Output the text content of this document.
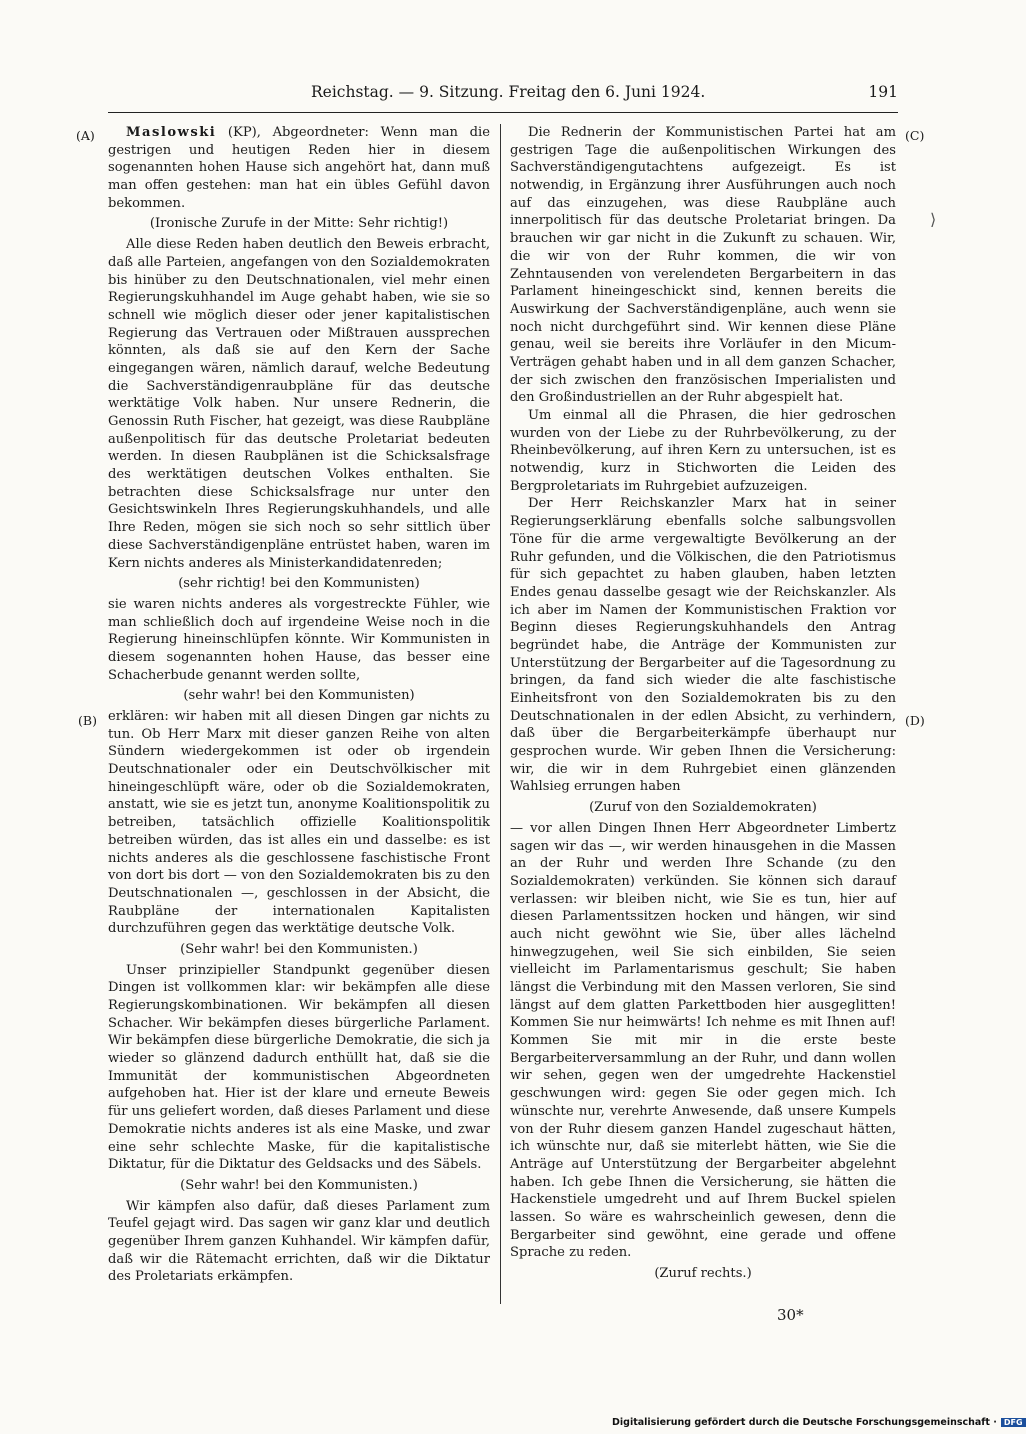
Reichstag. — 9. Sitzung. Freitag den 6. Juni 1924.	191
(A)
(B)
(C)
(D)
⟩

Maslowski (KP), Abgeordneter: Wenn man die gestrigen und heutigen Reden hier in diesem sogenannten hohen Hause sich angehört hat, dann muß man offen gestehen: man hat ein übles Gefühl davon bekommen.

(Ironische Zurufe in der Mitte: Sehr richtig!)

Alle diese Reden haben deutlich den Beweis erbracht, daß alle Parteien, angefangen von den Sozialdemokraten bis hinüber zu den Deutschnationalen, viel mehr einen Regierungskuhhandel im Auge gehabt haben, wie sie so schnell wie möglich dieser oder jener kapitalistischen Regierung das Vertrauen oder Mißtrauen aussprechen könnten, als daß sie auf den Kern der Sache eingegangen wären, nämlich darauf, welche Bedeutung die Sachverständigenraubpläne für das deutsche werktätige Volk haben. Nur unsere Rednerin, die Genossin Ruth Fischer, hat gezeigt, was diese Raubpläne außenpolitisch für das deutsche Proletariat bedeuten werden. In diesen Raubplänen ist die Schicksalsfrage des werktätigen deutschen Volkes enthalten. Sie betrachten diese Schicksalsfrage nur unter den Gesichtswinkeln Ihres Regierungskuhhandels, und alle Ihre Reden, mögen sie sich noch so sehr sittlich über diese Sachverständigenpläne entrüstet haben, waren im Kern nichts anderes als Ministerkandidatenreden;

(sehr richtig! bei den Kommunisten)

sie waren nichts anderes als vorgestreckte Fühler, wie man schließlich doch auf irgendeine Weise noch in die Regierung hineinschlüpfen könnte. Wir Kommunisten in diesem sogenannten hohen Hause, das besser eine Schacherbude genannt werden sollte,

(sehr wahr! bei den Kommunisten)

erklären: wir haben mit all diesen Dingen gar nichts zu tun. Ob Herr Marx mit dieser ganzen Reihe von alten Sündern wiedergekommen ist oder ob irgendein Deutschnationaler oder ein Deutschvölkischer mit hineingeschlüpft wäre, oder ob die Sozialdemokraten, anstatt, wie sie es jetzt tun, anonyme Koalitionspolitik zu betreiben, tatsächlich offizielle Koalitionspolitik betreiben würden, das ist alles ein und dasselbe: es ist nichts anderes als die geschlossene faschistische Front von dort bis dort — von den Sozialdemokraten bis zu den Deutschnationalen —, geschlossen in der Absicht, die Raubpläne der internationalen Kapitalisten durchzuführen gegen das werktätige deutsche Volk.

(Sehr wahr! bei den Kommunisten.)

Unser prinzipieller Standpunkt gegenüber diesen Dingen ist vollkommen klar: wir bekämpfen alle diese Regierungskombinationen. Wir bekämpfen all diesen Schacher. Wir bekämpfen dieses bürgerliche Parlament. Wir bekämpfen diese bürgerliche Demokratie, die sich ja wieder so glänzend dadurch enthüllt hat, daß sie die Immunität der kommunistischen Abgeordneten aufgehoben hat. Hier ist der klare und erneute Beweis für uns geliefert worden, daß dieses Parlament und diese Demokratie nichts anderes ist als eine Maske, und zwar eine sehr schlechte Maske, für die kapitalistische Diktatur, für die Diktatur des Geldsacks und des Säbels.

(Sehr wahr! bei den Kommunisten.)

Wir kämpfen also dafür, daß dieses Parlament zum Teufel gejagt wird. Das sagen wir ganz klar und deutlich gegenüber Ihrem ganzen Kuhhandel. Wir kämpfen dafür, daß wir die Rätemacht errichten, daß wir die Diktatur des Proletariats erkämpfen.

Die Rednerin der Kommunistischen Partei hat am gestrigen Tage die außenpolitischen Wirkungen des Sachverständigengutachtens aufgezeigt. Es ist notwendig, in Ergänzung ihrer Ausführungen auch noch auf das einzugehen, was diese Raubpläne auch innerpolitisch für das deutsche Proletariat bringen. Da brauchen wir gar nicht in die Zukunft zu schauen. Wir, die wir von der Ruhr kommen, die wir von Zehntausenden von verelendeten Bergarbeitern in das Parlament hineingeschickt sind, kennen bereits die Auswirkung der Sachverständigenpläne, auch wenn sie noch nicht durchgeführt sind. Wir kennen diese Pläne genau, weil sie bereits ihre Vorläufer in den Micum-Verträgen gehabt haben und in all dem ganzen Schacher, der sich zwischen den französischen Imperialisten und den Großindustriellen an der Ruhr abgespielt hat.

Um einmal all die Phrasen, die hier gedroschen wurden von der Liebe zu der Ruhrbevölkerung, zu der Rheinbevölkerung, auf ihren Kern zu untersuchen, ist es notwendig, kurz in Stichworten die Leiden des Bergproletariats im Ruhrgebiet aufzuzeigen.

Der Herr Reichskanzler Marx hat in seiner Regierungserklärung ebenfalls solche salbungsvollen Töne für die arme vergewaltigte Bevölkerung an der Ruhr gefunden, und die Völkischen, die den Patriotismus für sich gepachtet zu haben glauben, haben letzten Endes genau dasselbe gesagt wie der Reichskanzler. Als ich aber im Namen der Kommunistischen Fraktion vor Beginn dieses Regierungskuhhandels den Antrag begründet habe, die Anträge der Kommunisten zur Unterstützung der Bergarbeiter auf die Tagesordnung zu bringen, da fand sich wieder die alte faschistische Einheitsfront von den Sozialdemokraten bis zu den Deutschnationalen in der edlen Absicht, zu verhindern, daß über die Bergarbeiterkämpfe überhaupt nur gesprochen wurde. Wir geben Ihnen die Versicherung: wir, die wir in dem Ruhrgebiet einen glänzenden Wahlsieg errungen haben

(Zuruf von den Sozialdemokraten)

— vor allen Dingen Ihnen Herr Abgeordneter Limbertz sagen wir das —, wir werden hinausgehen in die Massen an der Ruhr und werden Ihre Schande (zu den Sozialdemokraten) verkünden. Sie können sich darauf verlassen: wir bleiben nicht, wie Sie es tun, hier auf diesen Parlamentssitzen hocken und hängen, wir sind auch nicht gewöhnt wie Sie, über alles lächelnd hinwegzugehen, weil Sie sich einbilden, Sie seien vielleicht im Parlamentarismus geschult; Sie haben längst die Verbindung mit den Massen verloren, Sie sind längst auf dem glatten Parkettboden hier ausgeglitten! Kommen Sie nur heimwärts! Ich nehme es mit Ihnen auf! Kommen Sie mit mir in die erste beste Bergarbeiterversammlung an der Ruhr, und dann wollen wir sehen, gegen wen der umgedrehte Hackenstiel geschwungen wird: gegen Sie oder gegen mich. Ich wünschte nur, verehrte Anwesende, daß unsere Kumpels von der Ruhr diesem ganzen Handel zugeschaut hätten, ich wünschte nur, daß sie miterlebt hätten, wie Sie die Anträge auf Unterstützung der Bergarbeiter abgelehnt haben. Ich gebe Ihnen die Versicherung, sie hätten die Hackenstiele umgedreht und auf Ihrem Buckel spielen lassen. So wäre es wahrscheinlich gewesen, denn die Bergarbeiter sind gewöhnt, eine gerade und offene Sprache zu reden.

(Zuruf rechts.)

30*
Digitalisierung gefördert durch die Deutsche Forschungsgemeinschaft · DFG
